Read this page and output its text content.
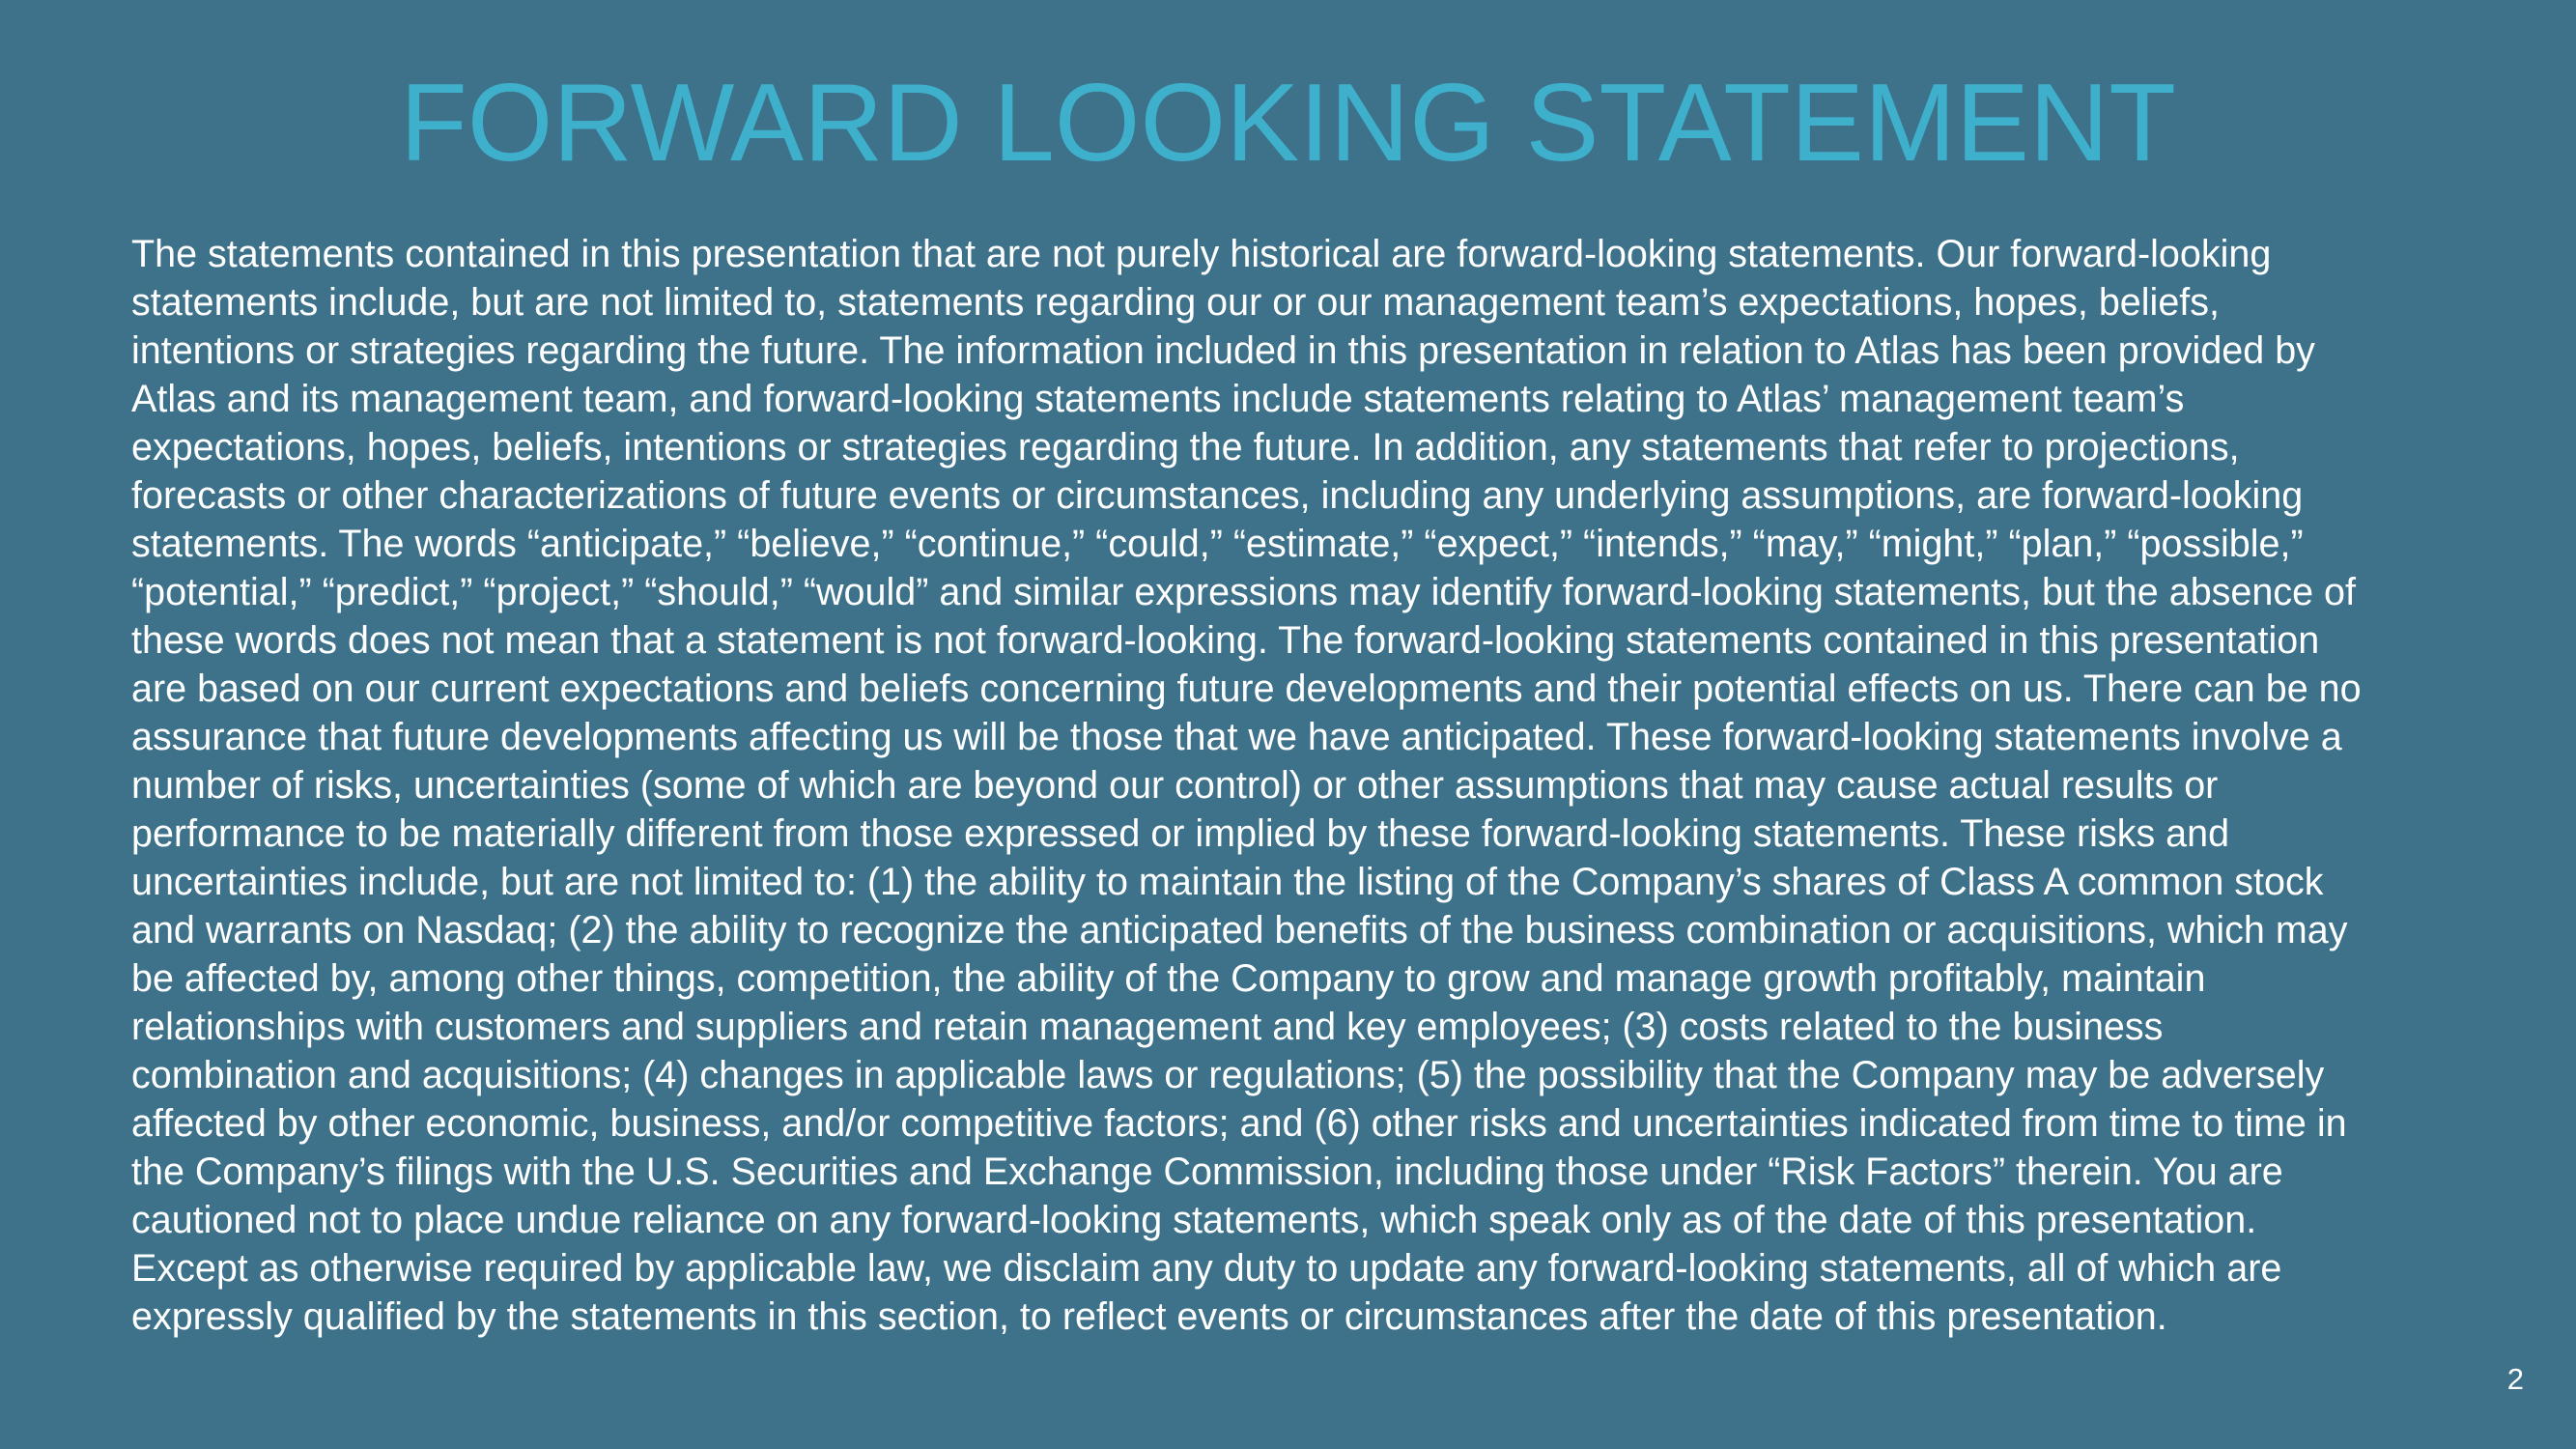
FORWARD LOOKING STATEMENT

The statements contained in this presentation that are not purely historical are forward-looking statements. Our forward-looking
statements include, but are not limited to, statements regarding our or our management team’s expectations, hopes, beliefs,
intentions or strategies regarding the future. The information included in this presentation in relation to Atlas has been provided by
Atlas and its management team, and forward-looking statements include statements relating to Atlas’ management team’s
expectations, hopes, beliefs, intentions or strategies regarding the future. In addition, any statements that refer to projections,
forecasts or other characterizations of future events or circumstances, including any underlying assumptions, are forward-looking
statements. The words “anticipate,” “believe,” “continue,” “could,” “estimate,” “expect,” “intends,” “may,” “might,” “plan,” “possible,”
“potential,” “predict,” “project,” “should,” “would” and similar expressions may identify forward-looking statements, but the absence of
these words does not mean that a statement is not forward-looking. The forward-looking statements contained in this presentation
are based on our current expectations and beliefs concerning future developments and their potential effects on us. There can be no
assurance that future developments affecting us will be those that we have anticipated. These forward-looking statements involve a
number of risks, uncertainties (some of which are beyond our control) or other assumptions that may cause actual results or
performance to be materially different from those expressed or implied by these forward-looking statements. These risks and
uncertainties include, but are not limited to: (1) the ability to maintain the listing of the Company’s shares of Class A common stock
and warrants on Nasdaq; (2) the ability to recognize the anticipated benefits of the business combination or acquisitions, which may
be affected by, among other things, competition, the ability of the Company to grow and manage growth profitably, maintain
relationships with customers and suppliers and retain management and key employees; (3) costs related to the business
combination and acquisitions; (4) changes in applicable laws or regulations; (5) the possibility that the Company may be adversely
affected by other economic, business, and/or competitive factors; and (6) other risks and uncertainties indicated from time to time in
the Company’s filings with the U.S. Securities and Exchange Commission, including those under “Risk Factors” therein. You are
cautioned not to place undue reliance on any forward-looking statements, which speak only as of the date of this presentation.
Except as otherwise required by applicable law, we disclaim any duty to update any forward-looking statements, all of which are
expressly qualified by the statements in this section, to reflect events or circumstances after the date of this presentation.

2
